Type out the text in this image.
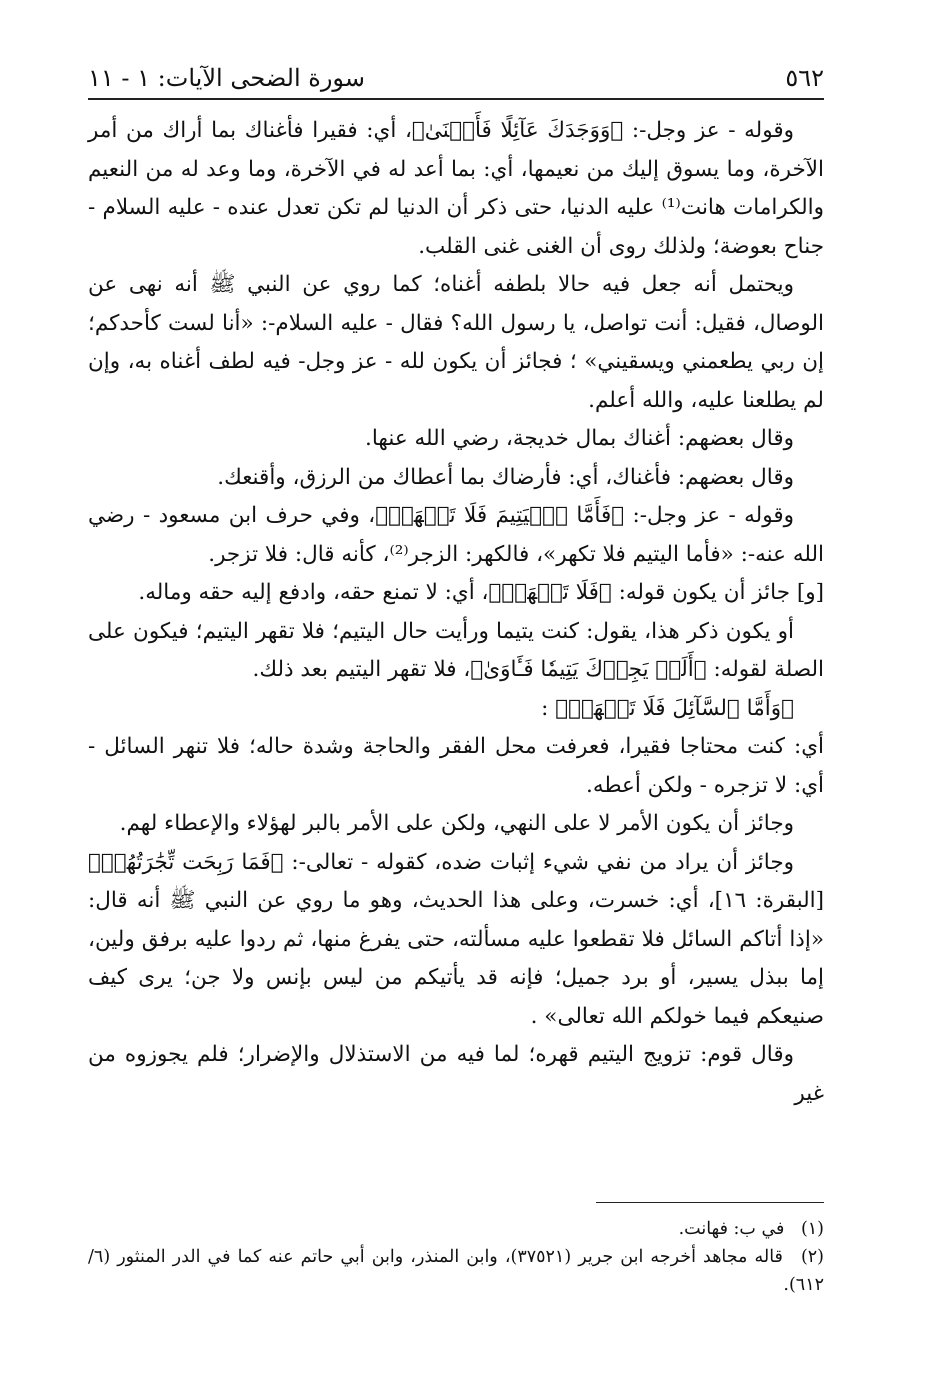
٥٦٢
سورة الضحى الآيات: ١ - ١١

وقوله - عز وجل-: ﴿وَوَجَدَكَ عَآئِلًا فَأَغۡنَىٰ﴾، أي: فقيرا فأغناك بما أراك من أمر الآخرة، وما يسوق إليك من نعيمها، أي: بما أعد له في الآخرة، وما وعد له من النعيم والكرامات هانت⁽¹⁾ عليه الدنيا، حتى ذكر أن الدنيا لم تكن تعدل عنده - عليه السلام - جناح بعوضة؛ ولذلك روى أن الغنى غنى القلب.

ويحتمل أنه جعل فيه حالا بلطفه أغناه؛ كما روي عن النبي ﷺ أنه نهى عن الوصال، فقيل: أنت تواصل، يا رسول الله؟ فقال - عليه السلام-: «أنا لست كأحدكم؛ إن ربي يطعمني ويسقيني» ؛ فجائز أن يكون لله - عز وجل- فيه لطف أغناه به، وإن لم يطلعنا عليه، والله أعلم.

وقال بعضهم: أغناك بمال خديجة، رضي الله عنها.

وقال بعضهم: فأغناك، أي: فأرضاك بما أعطاك من الرزق، وأقنعك.

وقوله - عز وجل-: ﴿فَأَمَّا ٱلۡيَتِيمَ فَلَا تَقۡهَرۡ﴾، وفي حرف ابن مسعود - رضي الله عنه-: «فأما اليتيم فلا تكهر»، فالكهر: الزجر⁽²⁾، كأنه قال: فلا تزجر.

[و] جائز أن يكون قوله: ﴿فَلَا تَقۡهَرۡ﴾، أي: لا تمنع حقه، وادفع إليه حقه وماله.

أو يكون ذكر هذا، يقول: كنت يتيما ورأيت حال اليتيم؛ فلا تقهر اليتيم؛ فيكون على الصلة لقوله: ﴿أَلَمۡ يَجِدۡكَ يَتِيمٗا فَـَٔاوَىٰ﴾، فلا تقهر اليتيم بعد ذلك.

﴿وَأَمَّا ٱلسَّآئِلَ فَلَا تَنۡهَرۡ﴾ :

أي: كنت محتاجا فقيرا، فعرفت محل الفقر والحاجة وشدة حاله؛ فلا تنهر السائل - أي: لا تزجره - ولكن أعطه.

وجائز أن يكون الأمر لا على النهي، ولكن على الأمر بالبر لهؤلاء والإعطاء لهم.

وجائز أن يراد من نفي شيء إثبات ضده، كقوله - تعالى-: ﴿فَمَا رَبِحَت تِّجَٰرَتُهُمۡ﴾ [البقرة: ١٦]، أي: خسرت، وعلى هذا الحديث، وهو ما روي عن النبي ﷺ أنه قال: «إذا أتاكم السائل فلا تقطعوا عليه مسألته، حتى يفرغ منها، ثم ردوا عليه برفق ولين، إما ببذل يسير، أو برد جميل؛ فإنه قد يأتيكم من ليس بإنس ولا جن؛ يرى كيف صنيعكم فيما خولكم الله تعالى» .

وقال قوم: تزويج اليتيم قهره؛ لما فيه من الاستذلال والإضرار؛ فلم يجوزوه من غير

(١) في ب: فهانت.

(٢) قاله مجاهد أخرجه ابن جرير (٣٧٥٢١)، وابن المنذر، وابن أبي حاتم عنه كما في الدر المنثور (٦/ ٦١٢).
